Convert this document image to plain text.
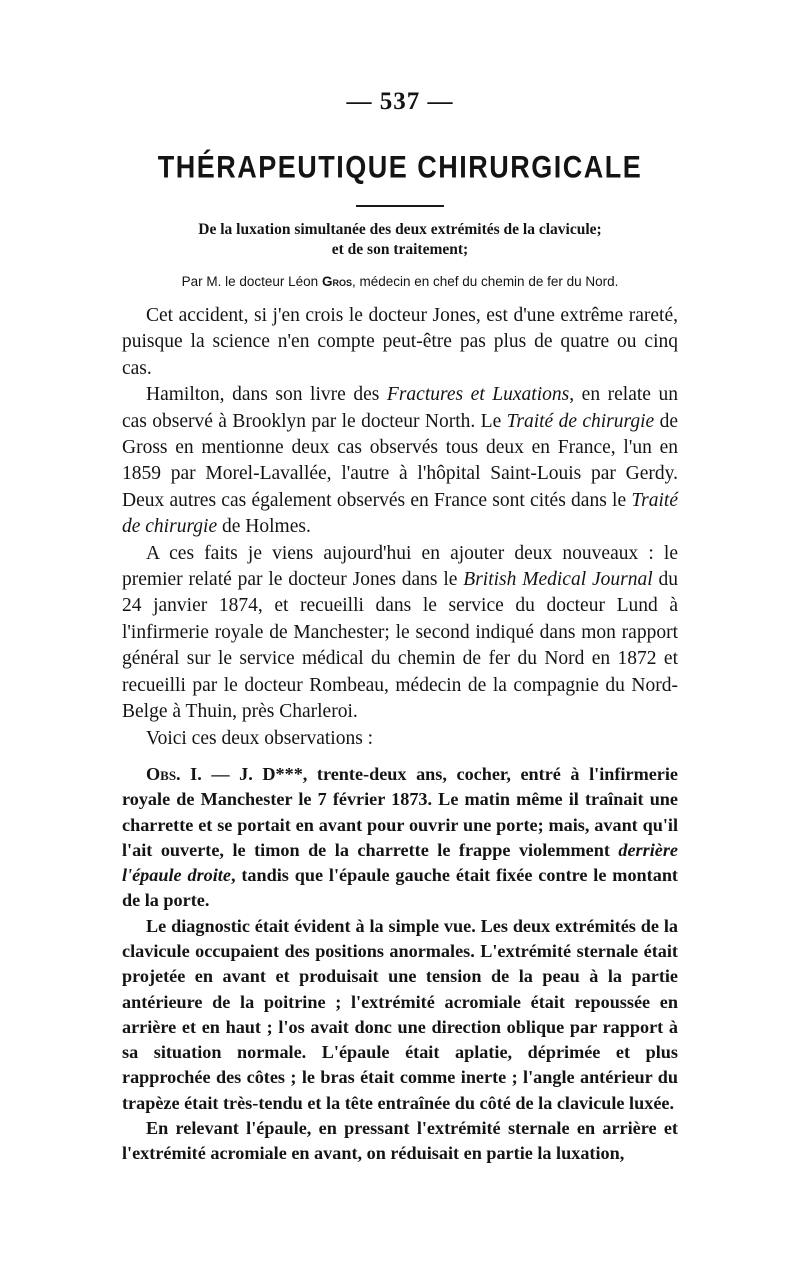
— 537 —
THÉRAPEUTIQUE CHIRURGICALE
De la luxation simultanée des deux extrémités de la clavicule;
et de son traitement;
Par M. le docteur Léon Gros, médecin en chef du chemin de fer du Nord.

Cet accident, si j'en crois le docteur Jones, est d'une extrême rareté, puisque la science n'en compte peut-être pas plus de quatre ou cinq cas.

Hamilton, dans son livre des Fractures et Luxations, en relate un cas observé à Brooklyn par le docteur North. Le Traité de chirurgie de Gross en mentionne deux cas observés tous deux en France, l'un en 1859 par Morel-Lavallée, l'autre à l'hôpital Saint-Louis par Gerdy. Deux autres cas également observés en France sont cités dans le Traité de chirurgie de Holmes.

A ces faits je viens aujourd'hui en ajouter deux nouveaux : le premier relaté par le docteur Jones dans le British Medical Journal du 24 janvier 1874, et recueilli dans le service du docteur Lund à l'infirmerie royale de Manchester; le second indiqué dans mon rapport général sur le service médical du chemin de fer du Nord en 1872 et recueilli par le docteur Rombeau, médecin de la compagnie du Nord-Belge à Thuin, près Charleroi.

Voici ces deux observations :

Obs. I. — J. D***, trente-deux ans, cocher, entré à l'infirmerie royale de Manchester le 7 février 1873. Le matin même il traînait une charrette et se portait en avant pour ouvrir une porte; mais, avant qu'il l'ait ouverte, le timon de la charrette le frappe violemment derrière l'épaule droite, tandis que l'épaule gauche était fixée contre le montant de la porte.

Le diagnostic était évident à la simple vue. Les deux extrémités de la clavicule occupaient des positions anormales. L'extrémité sternale était projetée en avant et produisait une tension de la peau à la partie antérieure de la poitrine ; l'extrémité acromiale était repoussée en arrière et en haut ; l'os avait donc une direction oblique par rapport à sa situation normale. L'épaule était aplatie, déprimée et plus rapprochée des côtes ; le bras était comme inerte ; l'angle antérieur du trapèze était très-tendu et la tête entraînée du côté de la clavicule luxée.

En relevant l'épaule, en pressant l'extrémité sternale en arrière et l'extrémité acromiale en avant, on réduisait en partie la luxation,
